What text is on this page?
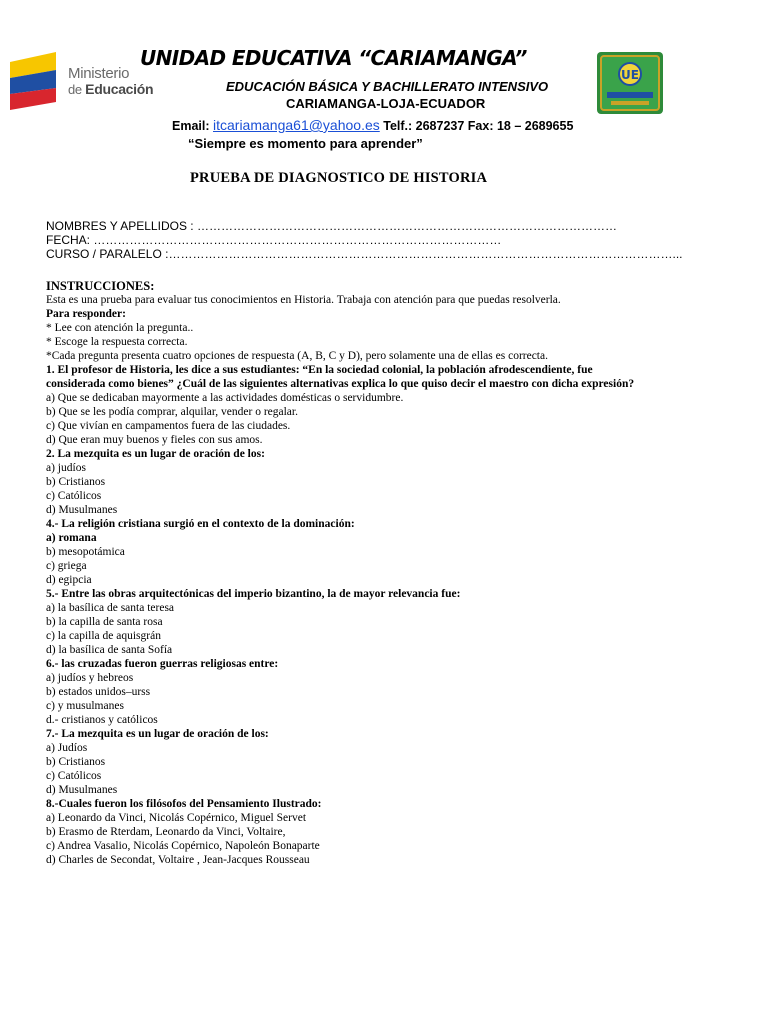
Ministerio
de Educación
UNIDAD EDUCATIVA “CARIAMANGA”
EDUCACIÓN BÁSICA Y BACHILLERATO INTENSIVO
CARIAMANGA-LOJA-ECUADOR
Email: itcariamanga61@yahoo.es Telf.: 2687237 Fax: 18 – 2689655
“Siempre es momento para aprender”
UE
PRUEBA DE DIAGNOSTICO DE HISTORIA
NOMBRES Y APELLIDOS : ……………………………………………………………………………………………
FECHA: …………………………………………………………………………………………
CURSO / PARALELO :………………………………………………………………………………………………………………...
INSTRUCCIONES:
Esta es una prueba para evaluar tus conocimientos en Historia. Trabaja con atención para que puedas resolverla.
Para responder:
* Lee con atención la pregunta..
* Escoge la respuesta correcta.
*Cada pregunta presenta cuatro opciones de respuesta (A, B, C y D), pero solamente una de ellas es correcta.
1. El profesor de Historia, les dice a sus estudiantes: “En la sociedad colonial, la población afrodescendiente, fue
considerada como bienes” ¿Cuál de las siguientes alternativas explica lo que quiso decir el maestro con dicha expresión?
a) Que se dedicaban mayormente a las actividades domésticas o servidumbre.
b) Que se les podía comprar, alquilar, vender o regalar.
c) Que vivían en campamentos fuera de las ciudades.
d) Que eran muy buenos y fieles con sus amos.
2. La mezquita es un lugar de oración de los:
a) judíos
b) Cristianos
c) Católicos
d) Musulmanes
4.- La religión cristiana surgió en el contexto de la dominación:
a) romana
b) mesopotámica
c) griega
d) egipcia
5.- Entre las obras arquitectónicas del imperio bizantino, la de mayor relevancia fue:
a) la basílica de santa teresa
b) la capilla de santa rosa
c) la capilla de aquisgrán
d) la basílica de santa Sofía
6.- las cruzadas fueron guerras religiosas entre:
a) judíos y hebreos
b) estados unidos–urss
c) y musulmanes
d.- cristianos y católicos
7.- La mezquita es un lugar de oración de los:
a) Judíos
b) Cristianos
c) Católicos
d) Musulmanes
8.-Cuales fueron los filósofos del Pensamiento Ilustrado:
a) Leonardo da Vinci, Nicolás Copérnico, Miguel Servet
b) Erasmo de Rterdam, Leonardo da Vinci, Voltaire,
c) Andrea Vasalio, Nicolás Copérnico, Napoleón Bonaparte
d) Charles de Secondat, Voltaire , Jean-Jacques Rousseau
